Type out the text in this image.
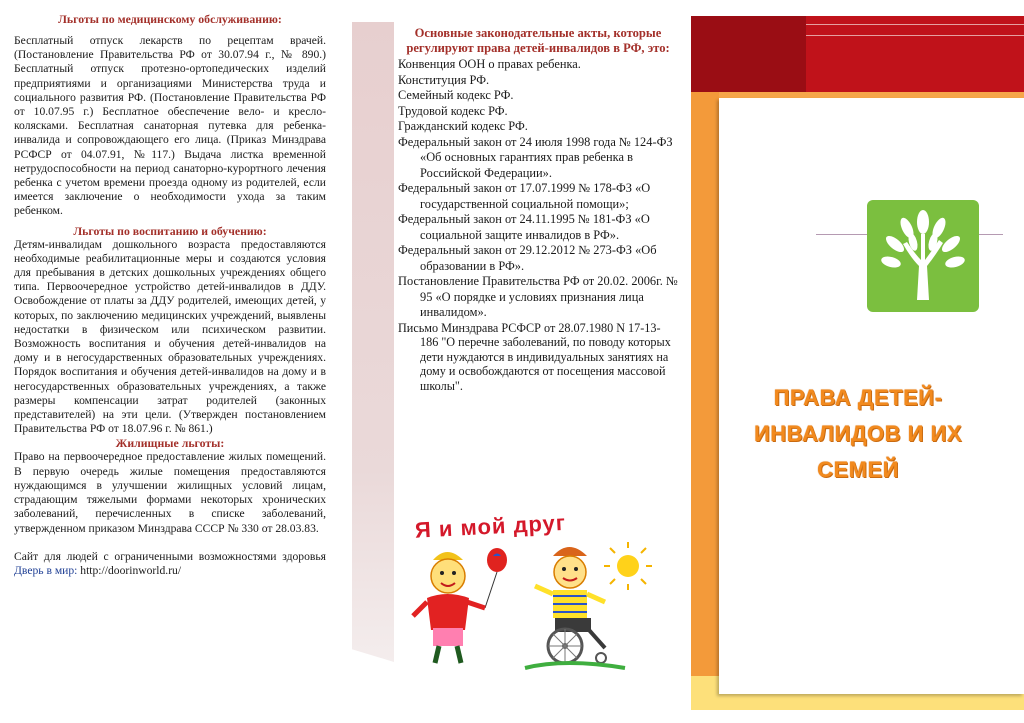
Льготы по медицинскому обслуживанию:

Бесплатный отпуск лекарств по рецептам врачей. (Постановление Правительства РФ от 30.07.94 г., № 890.) Бесплатный отпуск протезно-ортопедических изделий предприятиями и организациями Министерства труда и социального развития РФ. (Постановление Правительства РФ от 10.07.95 г.) Бесплатное обеспечение вело- и кресло-колясками. Бесплатная санаторная путевка для ребенка-инвалида и сопровождающего его лица. (Приказ Минздрава РСФСР от 04.07.91, №117.) Выдача листка временной нетрудоспособности на период санаторно-курортного лечения ребенка с учетом времени проезда одному из родителей, если имеется заключение о необходимости ухода за таким ребенком.

Льготы по воспитанию и обучению:

Детям-инвалидам дошкольного возраста предоставляются необходимые реабилитационные меры и создаются условия для пребывания в детских дошкольных учреждениях общего типа. Первоочередное устройство детей-инвалидов в ДДУ. Освобождение от платы за ДДУ родителей, имеющих детей, у которых, по заключению медицинских учреждений, выявлены недостатки в физическом или психическом развитии. Возможность воспитания и обучения детей-инвалидов на дому и в негосударственных образовательных учреждениях. Порядок воспитания и обучения детей-инвалидов на дому и в негосударственных образовательных учреждениях, а также размеры компенсации затрат родителей (законных представителей) на эти цели. (Утвержден постановлением Правительства РФ от 18.07.96 г. № 861.)

Жилищные льготы:

Право на первоочередное предоставление жилых помещений. В первую очередь жилые помещения предоставляются нуждающимся в улучшении жилищных условий лицам, страдающим тяжелыми формами некоторых хронических заболеваний, перечисленных в списке заболеваний, утвержденном приказом Минздрава СССР № 330 от 28.03.83.

Сайт для людей с ограниченными возможностями здоровья Дверь в мир: http://doorinworld.ru/

Основные законодательные акты, которые регулируют права детей-инвалидов в РФ, это:
Конвенция ООН о правах ребенка.
Конституция РФ.
Семейный кодекс РФ.
Трудовой кодекс РФ.
Гражданский кодекс РФ.
Федеральный закон от 24 июля 1998 года № 124-ФЗ «Об основных гарантиях прав ребенка в Российской Федерации».
Федеральный закон от 17.07.1999 № 178-ФЗ «О государственной социальной помощи»;
Федеральный закон от 24.11.1995 № 181-ФЗ «О социальной защите инвалидов в РФ».
Федеральный закон от 29.12.2012 № 273-ФЗ «Об образовании в РФ».
Постановление Правительства РФ от 20.02. 2006г. № 95 «О порядке и условиях признания лица инвалидом».
Письмо Минздрава РСФСР от 28.07.1980 N 17-13-186 "О перечне заболеваний, по поводу которых дети нуждаются в индивидуальных занятиях на дому и освобождаются от посещения массовой школы".
Я и мой друг
ПРАВА ДЕТЕЙ-
ИНВАЛИДОВ И ИХ
СЕМЕЙ
